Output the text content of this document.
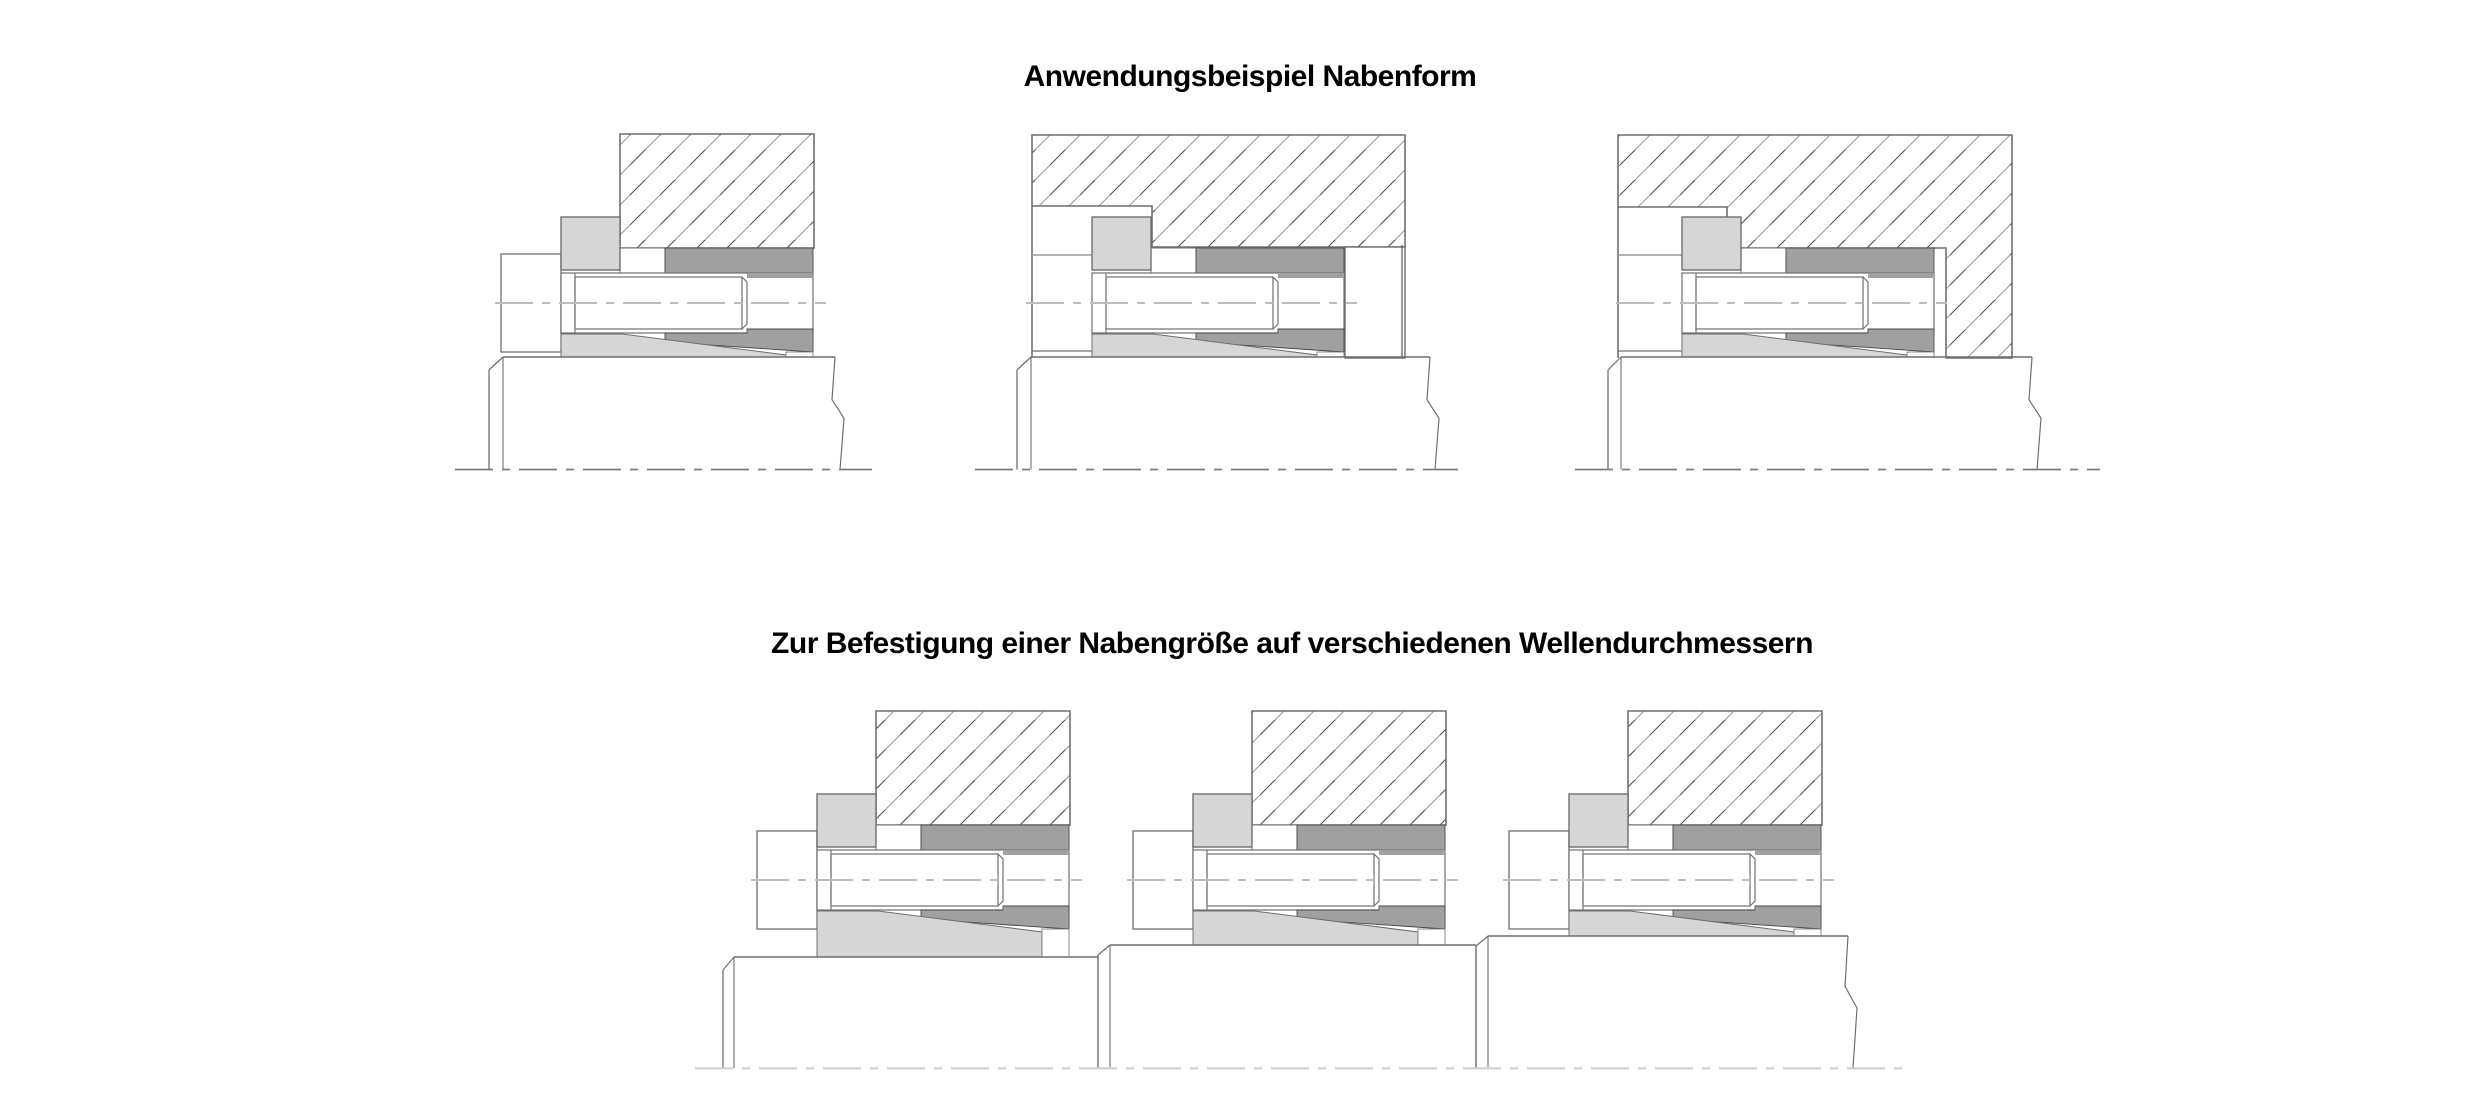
Anwendungsbeispiel Nabenform
Zur Befestigung einer Nabengröße auf verschiedenen Wellendurchmessern
